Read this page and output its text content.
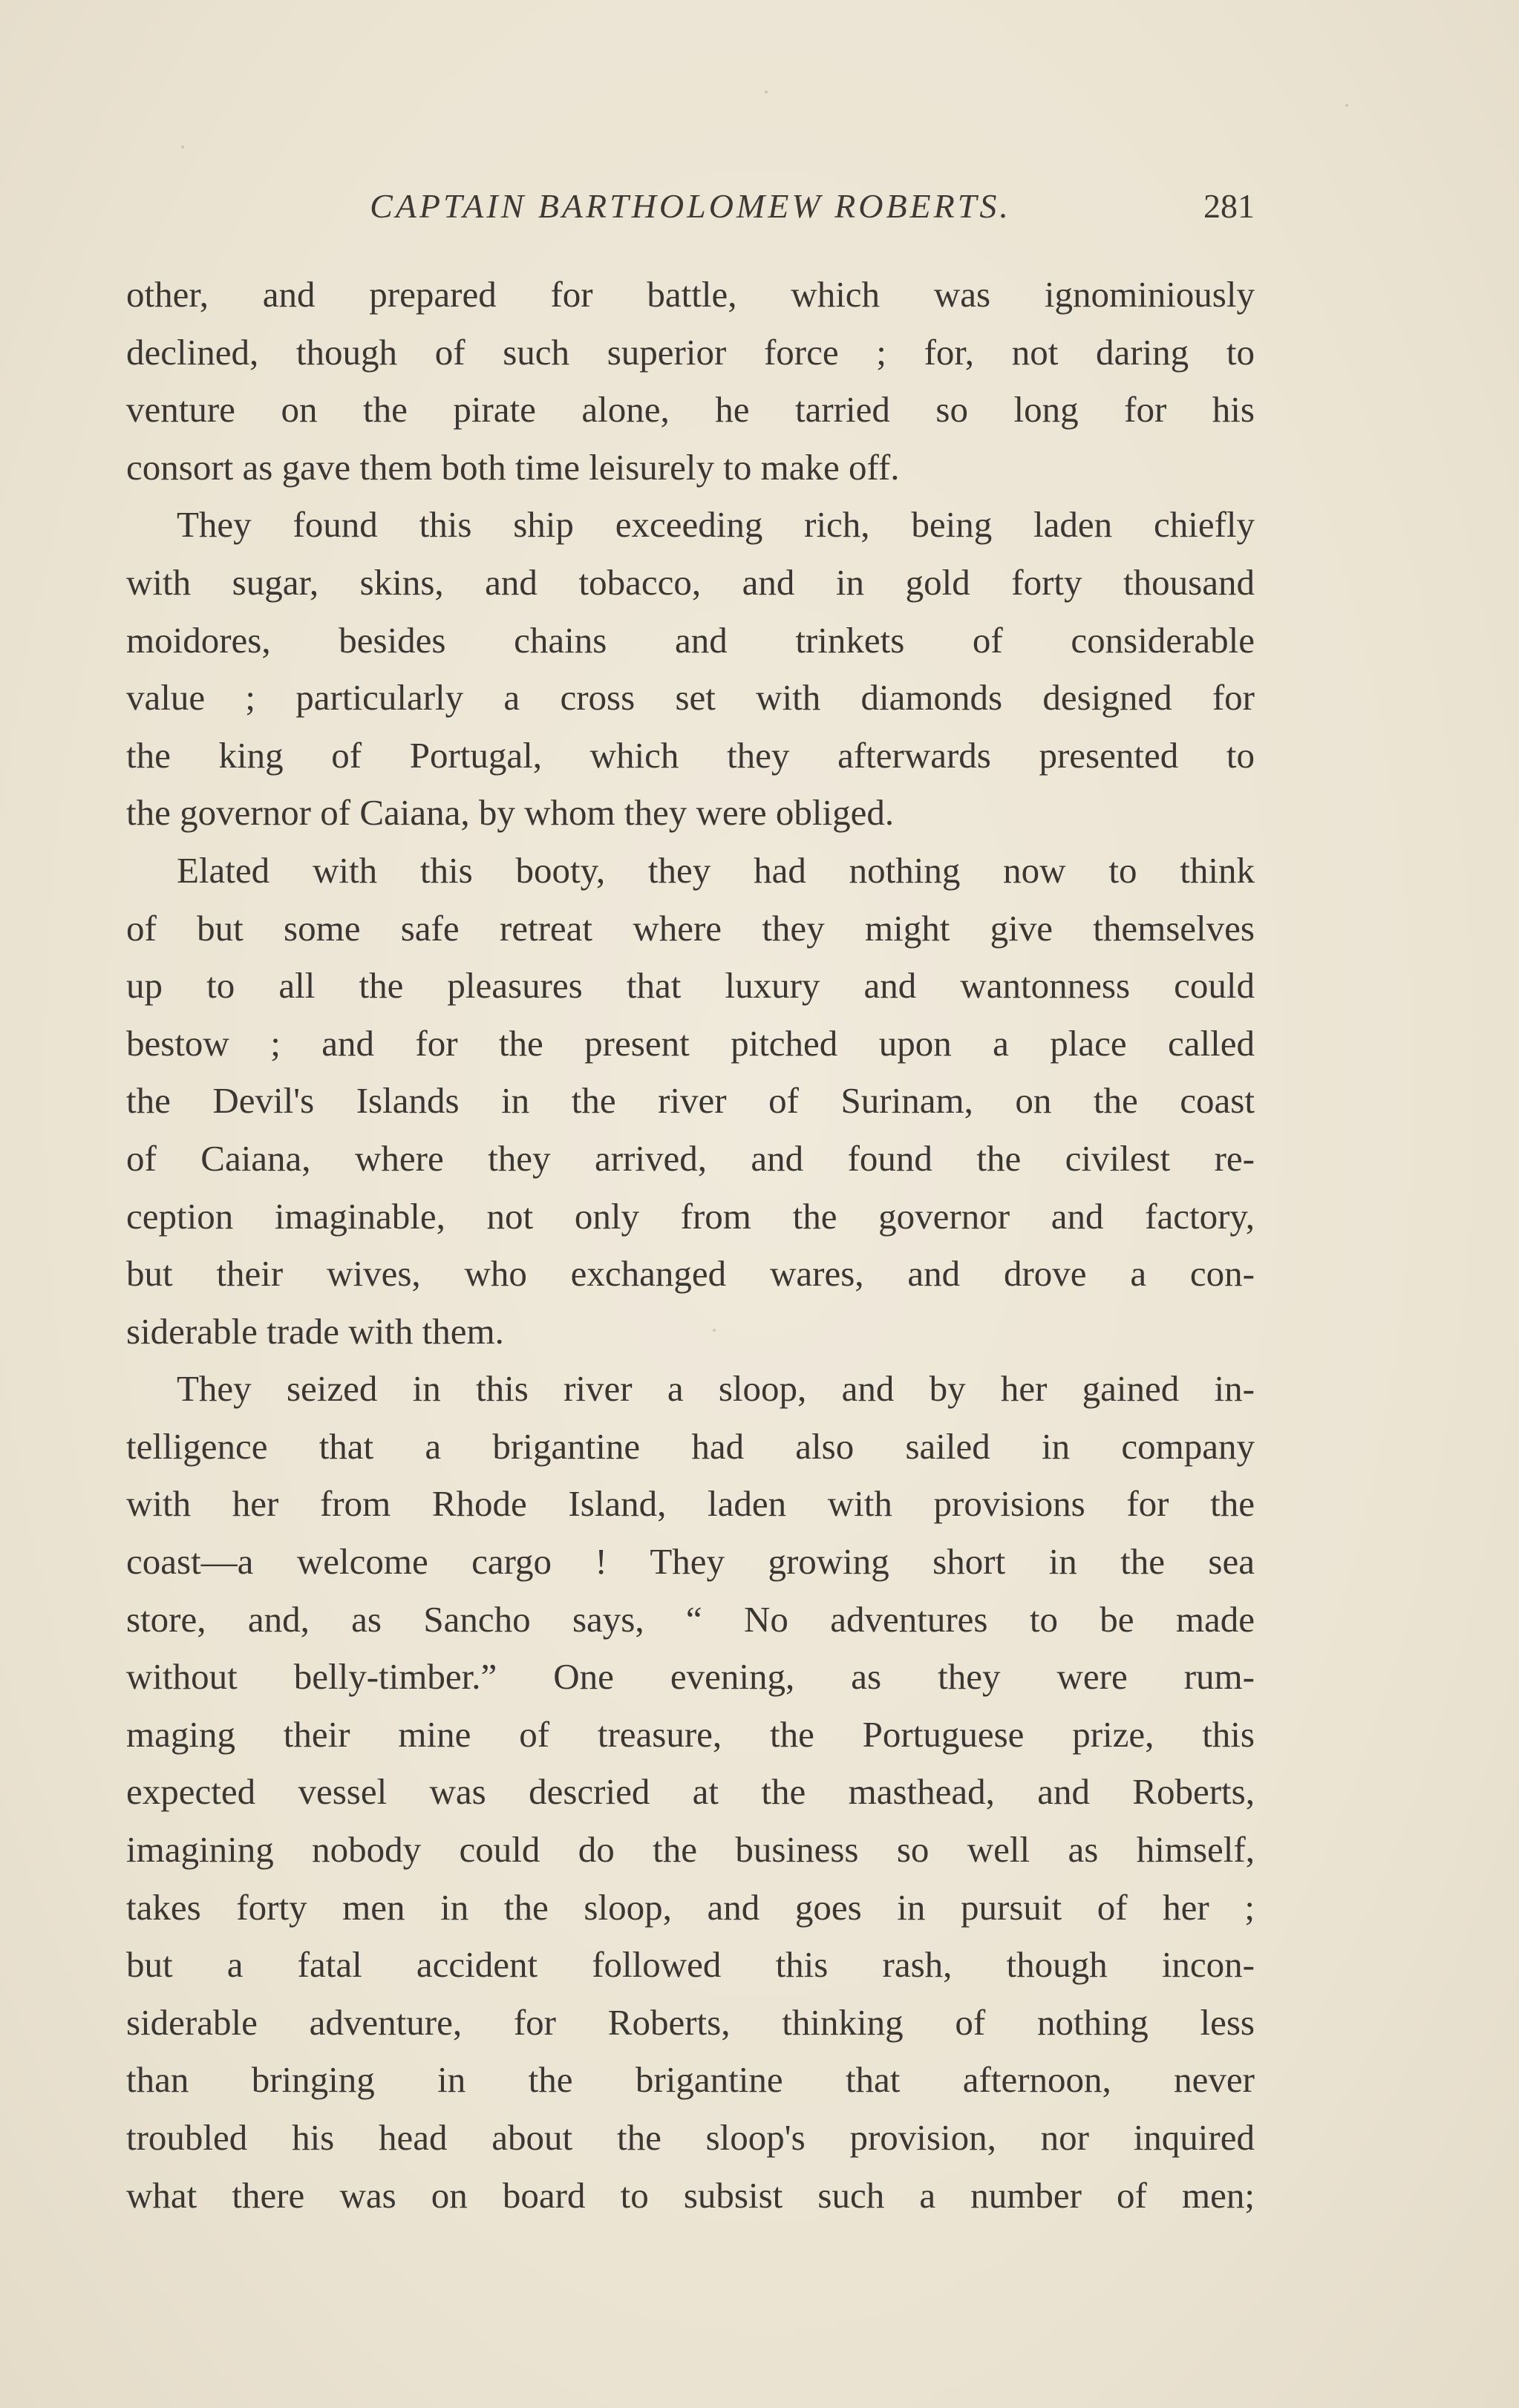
CAPTAIN BARTHOLOMEW ROBERTS.	281
other, and prepared for battle, which was ignominiously
declined, though of such superior force ; for, not daring to
venture on the pirate alone, he tarried so long for his
consort as gave them both time leisurely to make off.
They found this ship exceeding rich, being laden chiefly
with sugar, skins, and tobacco, and in gold forty thousand
moidores, besides chains and trinkets of considerable
value ; particularly a cross set with diamonds designed for
the king of Portugal, which they afterwards presented to
the governor of Caiana, by whom they were obliged.
Elated with this booty, they had nothing now to think
of but some safe retreat where they might give themselves
up to all the pleasures that luxury and wantonness could
bestow ; and for the present pitched upon a place called
the Devil's Islands in the river of Surinam, on the coast
of Caiana, where they arrived, and found the civilest re-
ception imaginable, not only from the governor and factory,
but their wives, who exchanged wares, and drove a con-
siderable trade with them.
They seized in this river a sloop, and by her gained in-
telligence that a brigantine had also sailed in company
with her from Rhode Island, laden with provisions for the
coast—a welcome cargo ! They growing short in the sea
store, and, as Sancho says, “ No adventures to be made
without belly-timber.” One evening, as they were rum-
maging their mine of treasure, the Portuguese prize, this
expected vessel was descried at the masthead, and Roberts,
imagining nobody could do the business so well as himself,
takes forty men in the sloop, and goes in pursuit of her ;
but a fatal accident followed this rash, though incon-
siderable adventure, for Roberts, thinking of nothing less
than bringing in the brigantine that afternoon, never
troubled his head about the sloop's provision, nor inquired
what there was on board to subsist such a number of men;
